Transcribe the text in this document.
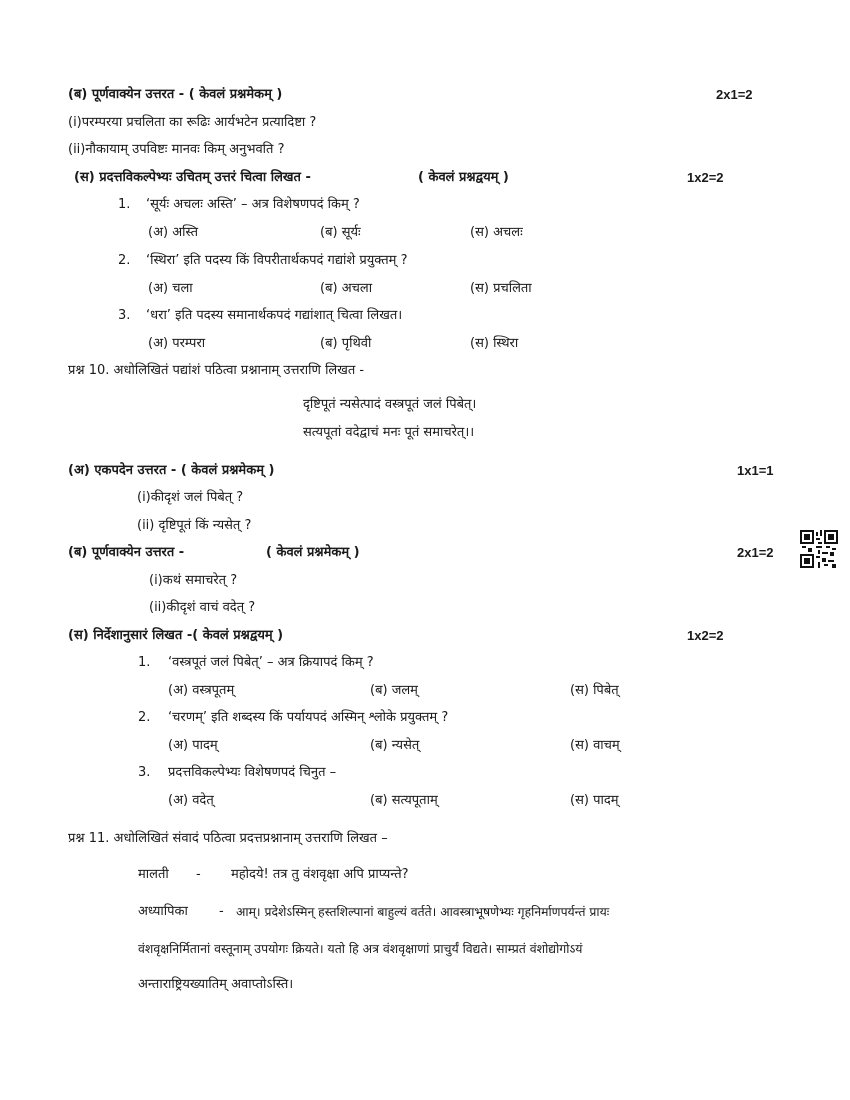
(ब) पूर्णवाक्येन उत्तरत - ( केवलं प्रश्नमेकम् )	2x1=2
(i)परम्परया प्रचलिता का रूढिः आर्यभटेन प्रत्यादिष्टा ?
(ii)नौकायाम् उपविष्टः मानवः किम् अनुभवति ?
(स) प्रदत्तविकल्पेभ्यः उचितम् उत्तरं चित्वा लिखत -	( केवलं प्रश्नद्वयम् )	1x2=2
1. ‘सूर्यः अचलः अस्ति’ – अत्र विशेषणपदं किम् ?
(अ) अस्ति	(ब) सूर्यः	(स) अचलः
2. ‘स्थिरा’ इति पदस्य किं विपरीतार्थकपदं गद्यांशे प्रयुक्तम् ?
(अ) चला	(ब) अचला	(स) प्रचलिता
3. ‘धरा’ इति पदस्य समानार्थकपदं गद्यांशात् चित्वा लिखत।
(अ) परम्परा	(ब) पृथिवी	(स) स्थिरा
प्रश्न 10. अधोलिखितं पद्यांशं पठित्वा प्रश्नानाम् उत्तराणि लिखत -
दृष्टिपूतं न्यसेत्पादं वस्त्रपूतं जलं पिबेत्।
सत्यपूतां वदेद्वाचं मनः पूतं समाचरेत्।।
(अ) एकपदेन उत्तरत - ( केवलं प्रश्नमेकम् )	1x1=1
(i)कीदृशं जलं पिबेत् ?
(ii) दृष्टिपूतं किं न्यसेत् ?
(ब) पूर्णवाक्येन उत्तरत -	( केवलं प्रश्नमेकम् )	2x1=2
(i)कथं समाचरेत् ?
(ii)कीदृशं वाचं वदेत् ?
(स) निर्देशानुसारं लिखत -( केवलं प्रश्नद्वयम् )	1x2=2
1. ‘वस्त्रपूतं जलं पिबेत्’ – अत्र क्रियापदं किम् ?
(अ) वस्त्रपूतम्	(ब) जलम्	(स) पिबेत्
2. ‘चरणम्’ इति शब्दस्य किं पर्यायपदं अस्मिन् श्लोके प्रयुक्तम् ?
(अ) पादम्	(ब) न्यसेत्	(स) वाचम्
3. प्रदत्तविकल्पेभ्यः विशेषणपदं चिनुत –
(अ) वदेत्	(ब) सत्यपूताम्	(स) पादम्
प्रश्न 11. अधोलिखितं संवादं पठित्वा प्रदत्तप्रश्नानाम् उत्तराणि लिखत –
मालती - महोदये! तत्र तु वंशवृक्षा अपि प्राप्यन्ते?
अध्यापिका - आम्। प्रदेशेऽस्मिन् हस्तशिल्पानां बाहुल्यं वर्तते। आवस्त्राभूषणेभ्यः गृहनिर्माणपर्यन्तं प्रायः
वंशवृक्षनिर्मितानां वस्तूनाम् उपयोगः क्रियते। यतो हि अत्र वंशवृक्षाणां प्राचुर्यं विद्यते। साम्प्रतं वंशोद्योगोऽयं
अन्ताराष्ट्रियख्यातिम् अवाप्तोऽस्ति।
